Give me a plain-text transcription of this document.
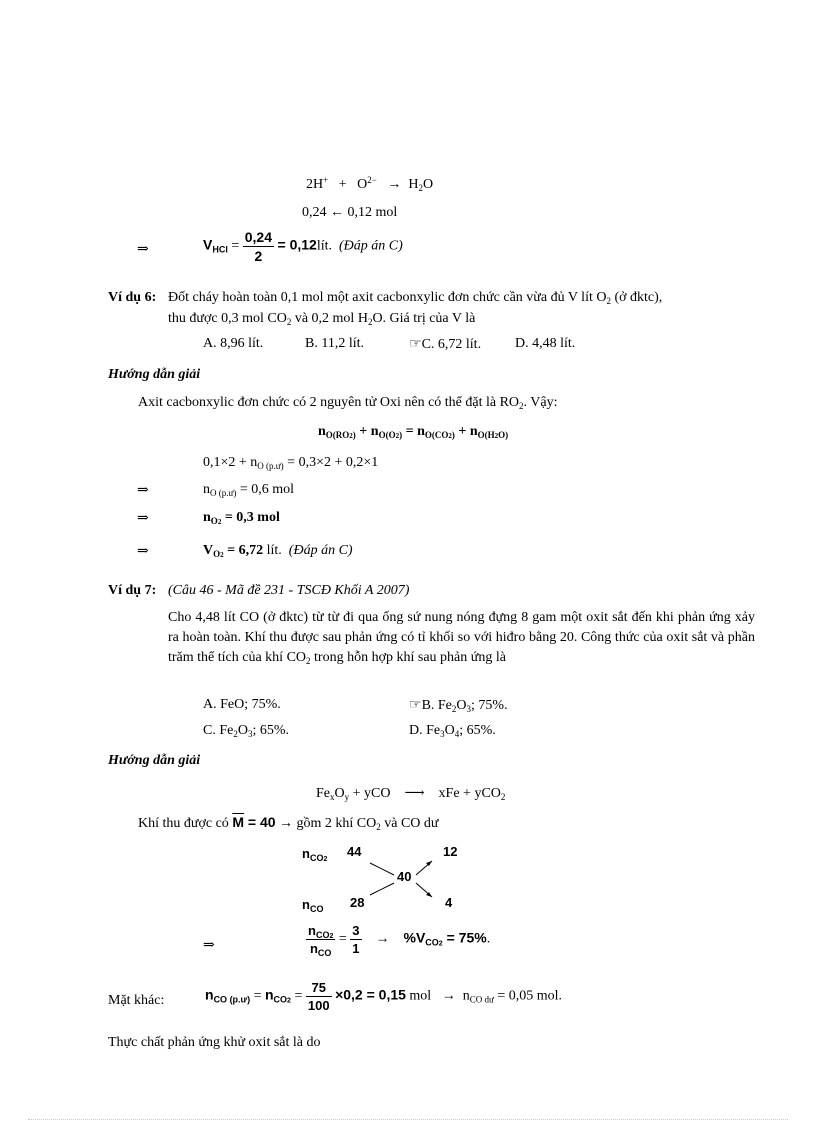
$2H^+ + O^{2-} \to H_2O$
0,24 ← 0,12 mol
⇒	$V_{HCl} = \frac{0,24}{2}$ = 0,12lít. (Đáp án C)
Ví dụ 6: Đốt cháy hoàn toàn 0,1 mol một axit cacbonxylic đơn chức cần vừa đủ V lít $O_2$ (ở đktc),
thu được 0,3 mol $CO_2$ và 0,2 mol $H_2O$. Giá trị của V là
A. 8,96 lít.	B. 11,2 lít.	☞C. 6,72 lít. D. 4,48 lít.
Hướng dẫn giải
Axit cacbonxylic đơn chức có 2 nguyên tử Oxi nên có thể đặt là $RO_2$. Vậy:
$n_{O(RO2)} + n_{O(O2)} = n_{O(CO2)} + n_{O(H2O)}$
$0,1\times 2 + n_{O (p.ư)} = 0,3\times 2 + 0,2\times 1$
⇒	$n_{O (p.ư)} = 0,6$ mol
⇒	$n_{O2} = 0,3$ mol
⇒	$V_{O2} = 6,72$ lít. (Đáp án C)
Ví dụ 7: (Câu 46 - Mã đề 231 - TSCĐ Khối A 2007)
Cho 4,48 lít CO (ở đktc) từ từ đi qua ống sứ nung nóng đựng 8 gam một oxit sắt đến khi phản ứng xảy ra hoàn toàn. Khí thu được sau phản ứng có tỉ khối so với hiđro bằng 20. Công thức của oxit sắt và phần trăm thể tích của khí $CO_2$ trong hỗn hợp khí sau phản ứng là
A. FeO; 75%.	☞B. $Fe_2O_3$; 75%.
C. $Fe_2O_3$; 65%.	D. $Fe_3O_4$; 65%.
Hướng dẫn giải
$Fe_xO_y$ + yCO ⟶ xFe + yCO$_2$
Khí thu được có $\overline{M} = 40$ → gồm 2 khí $CO_2$ và CO dư
$n_{CO2}$
44	12
40
$n_{CO}$ 28	4
⇒	$\frac{n_{CO2}}{n_{CO}} = \frac{3}{1} \to \%V_{CO2} = 75\%$.
Mặt khác:	$n_{CO (p.ư)} = n_{CO2} = \frac{75}{100} \times 0,2 = 0,15$ mol → $n_{CO dư} = 0,05$ mol.
Thực chất phản ứng khử oxit sắt là do
